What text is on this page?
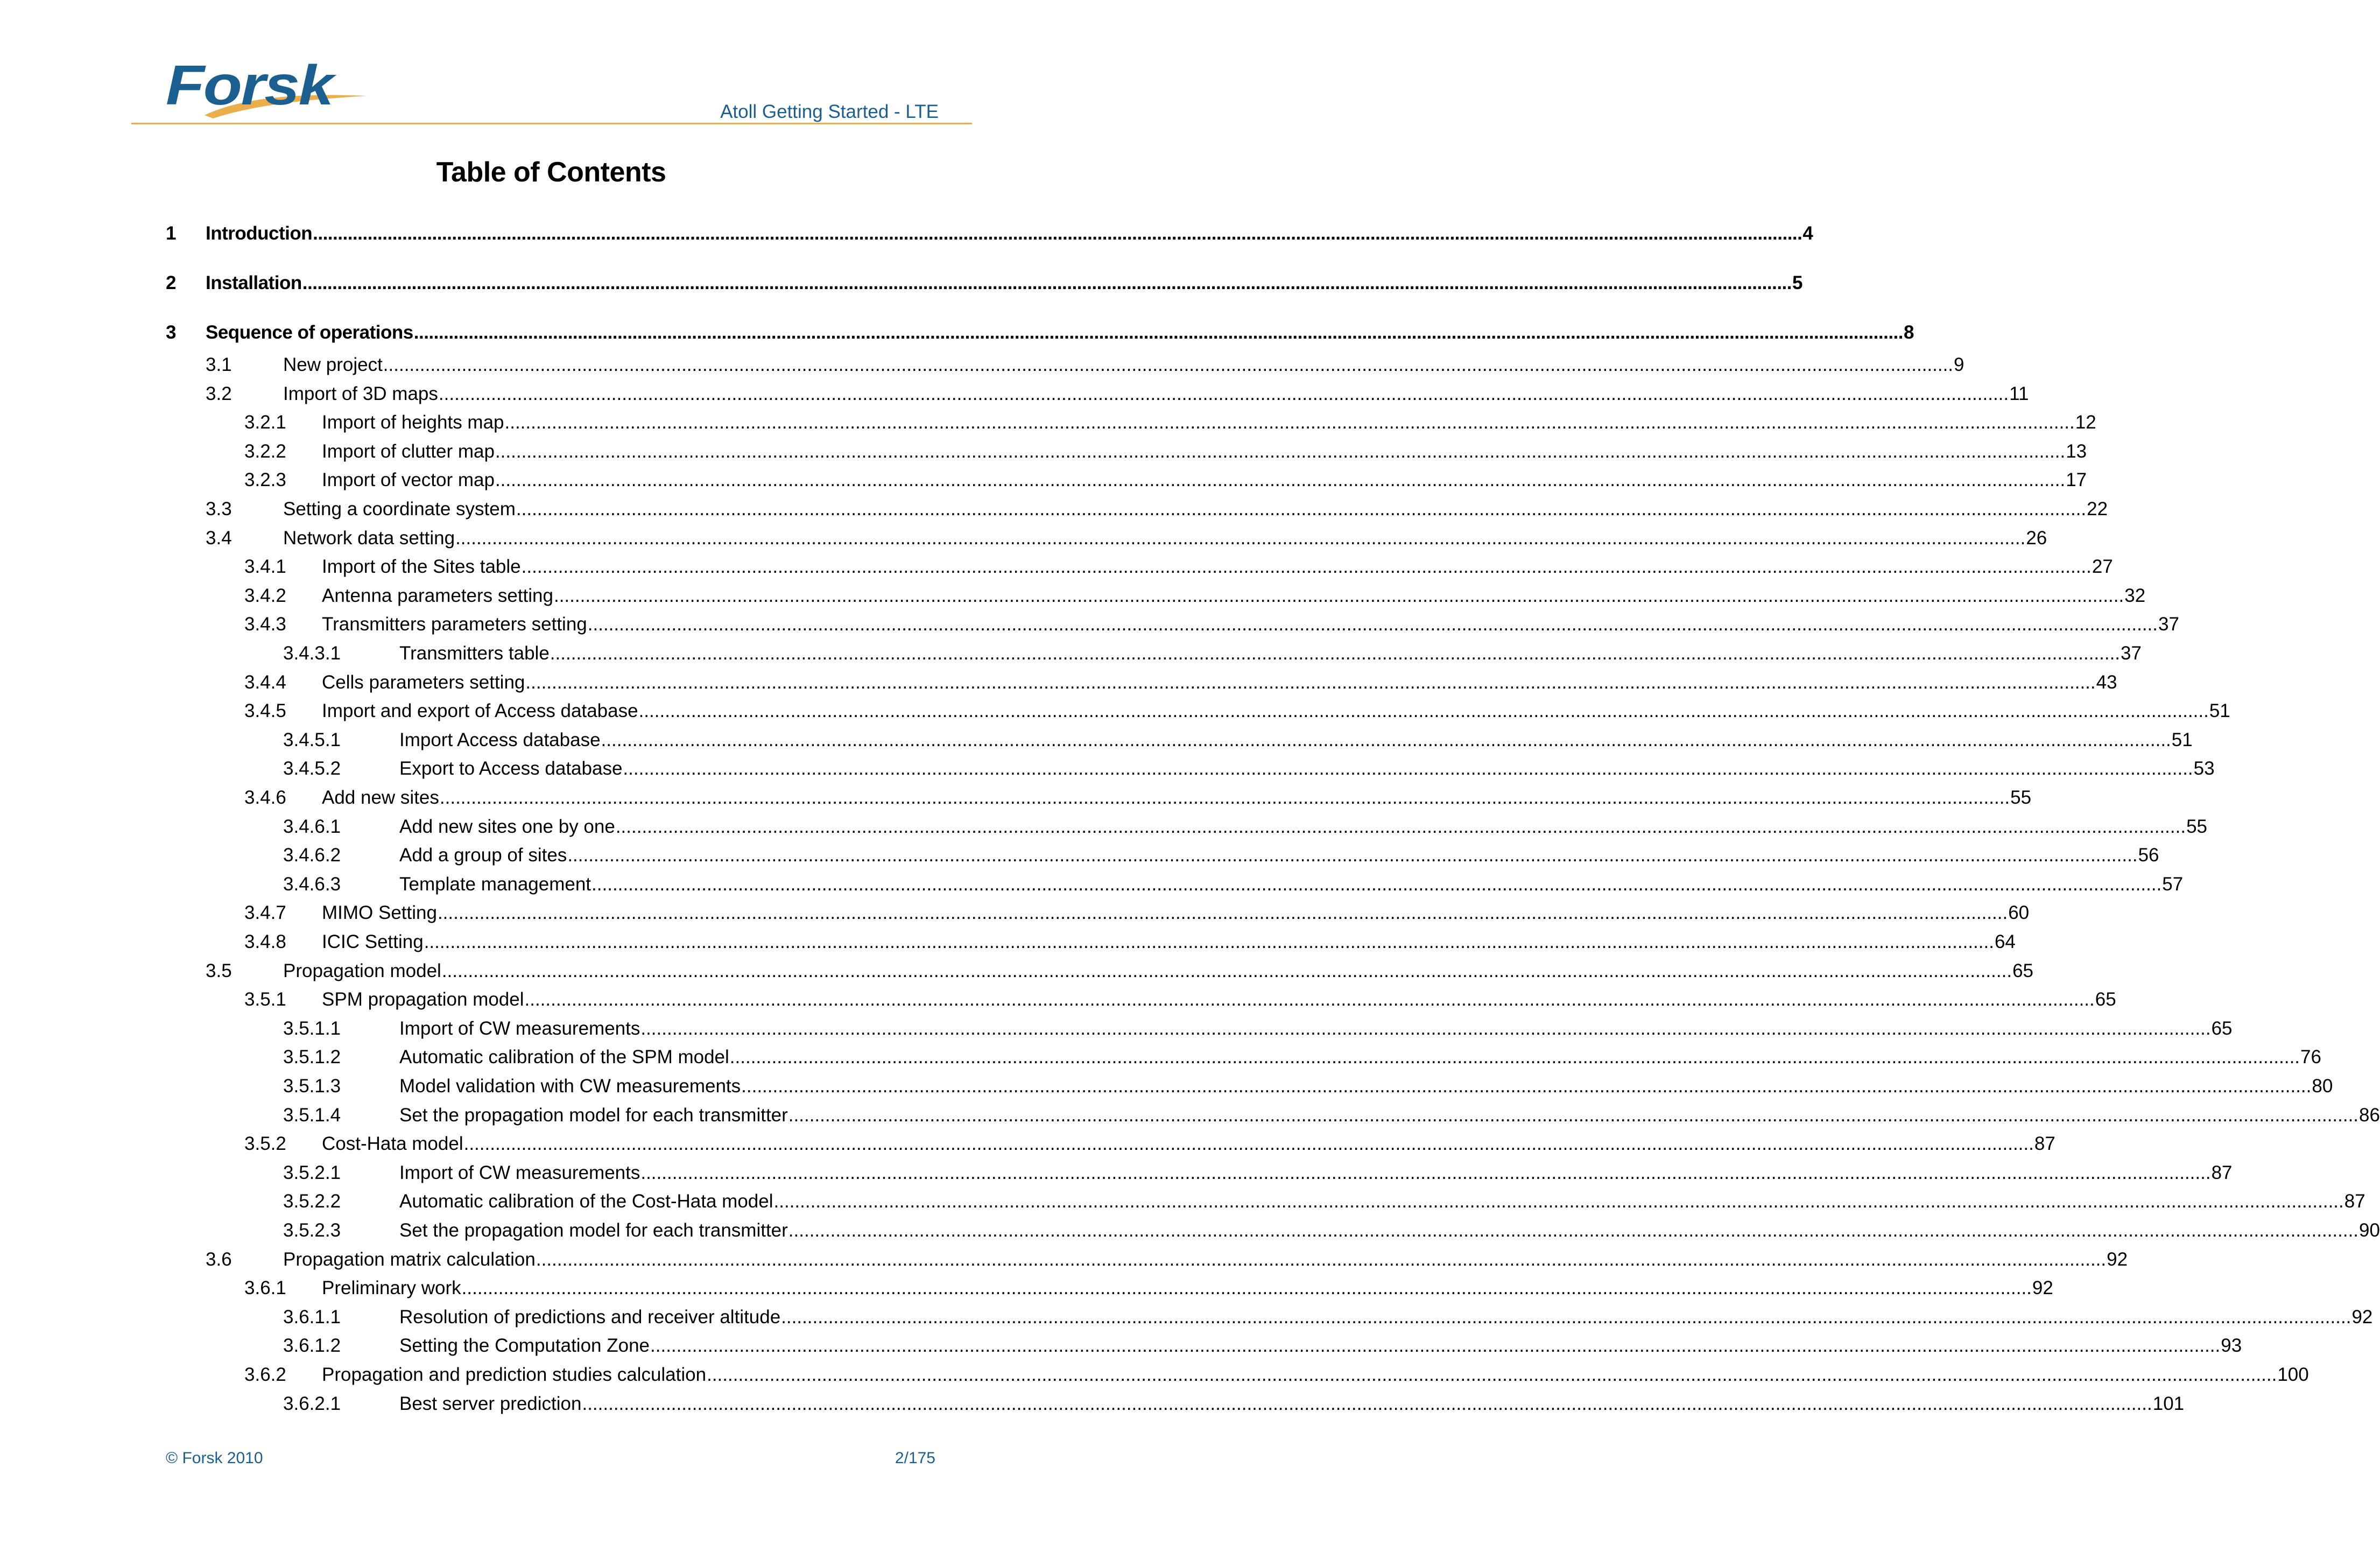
Forsk	Atoll Getting Started - LTE
Table of Contents
1 Introduction ............................................................................................................................................................................................................................................................................................................ 4
2 Installation ............................................................................................................................................................................................................................................................................................................ 5
3 Sequence of operations ............................................................................................................................................................................................................................................................................................................ 8
3.1	New project ............................................................................................................................................................................................................................................................................................................ 9
3.2	Import of 3D maps ............................................................................................................................................................................................................................................................................................................ 11
3.2.1 Import of heights map ............................................................................................................................................................................................................................................................................................................ 12
3.2.2 Import of clutter map ............................................................................................................................................................................................................................................................................................................ 13
3.2.3 Import of vector map ............................................................................................................................................................................................................................................................................................................ 17
3.3	Setting a coordinate system ............................................................................................................................................................................................................................................................................................................ 22
3.4	Network data setting ............................................................................................................................................................................................................................................................................................................ 26
3.4.1 Import of the Sites table ............................................................................................................................................................................................................................................................................................................ 27
3.4.2 Antenna parameters setting ............................................................................................................................................................................................................................................................................................................ 32
3.4.3 Transmitters parameters setting ............................................................................................................................................................................................................................................................................................................ 37
3.4.3.1	Transmitters table ............................................................................................................................................................................................................................................................................................................ 37
3.4.4 Cells parameters setting ............................................................................................................................................................................................................................................................................................................ 43
3.4.5 Import and export of Access database ............................................................................................................................................................................................................................................................................................................ 51
3.4.5.1	Import Access database ............................................................................................................................................................................................................................................................................................................ 51
3.4.5.2	Export to Access database ............................................................................................................................................................................................................................................................................................................ 53
3.4.6 Add new sites ............................................................................................................................................................................................................................................................................................................ 55
3.4.6.1	Add new sites one by one ............................................................................................................................................................................................................................................................................................................ 55
3.4.6.2	Add a group of sites ............................................................................................................................................................................................................................................................................................................ 56
3.4.6.3	Template management ............................................................................................................................................................................................................................................................................................................ 57
3.4.7 MIMO Setting ............................................................................................................................................................................................................................................................................................................ 60
3.4.8 ICIC Setting ............................................................................................................................................................................................................................................................................................................ 64
3.5	Propagation model ............................................................................................................................................................................................................................................................................................................ 65
3.5.1 SPM propagation model ............................................................................................................................................................................................................................................................................................................ 65
3.5.1.1	Import of CW measurements ............................................................................................................................................................................................................................................................................................................ 65
3.5.1.2	Automatic calibration of the SPM model ............................................................................................................................................................................................................................................................................................................ 76
3.5.1.3	Model validation with CW measurements ............................................................................................................................................................................................................................................................................................................ 80
3.5.1.4	Set the propagation model for each transmitter ............................................................................................................................................................................................................................................................................................................ 86
3.5.2 Cost-Hata model ............................................................................................................................................................................................................................................................................................................ 87
3.5.2.1	Import of CW measurements ............................................................................................................................................................................................................................................................................................................ 87
3.5.2.2	Automatic calibration of the Cost-Hata model ............................................................................................................................................................................................................................................................................................................ 87
3.5.2.3	Set the propagation model for each transmitter ............................................................................................................................................................................................................................................................................................................ 90
3.6	Propagation matrix calculation ............................................................................................................................................................................................................................................................................................................ 92
3.6.1 Preliminary work ............................................................................................................................................................................................................................................................................................................ 92
3.6.1.1	Resolution of predictions and receiver altitude ............................................................................................................................................................................................................................................................................................................ 92
3.6.1.2	Setting the Computation Zone ............................................................................................................................................................................................................................................................................................................ 93
3.6.2 Propagation and prediction studies calculation ............................................................................................................................................................................................................................................................................................................ 100
3.6.2.1	Best server prediction ............................................................................................................................................................................................................................................................................................................ 101
© Forsk 2010	2/175
